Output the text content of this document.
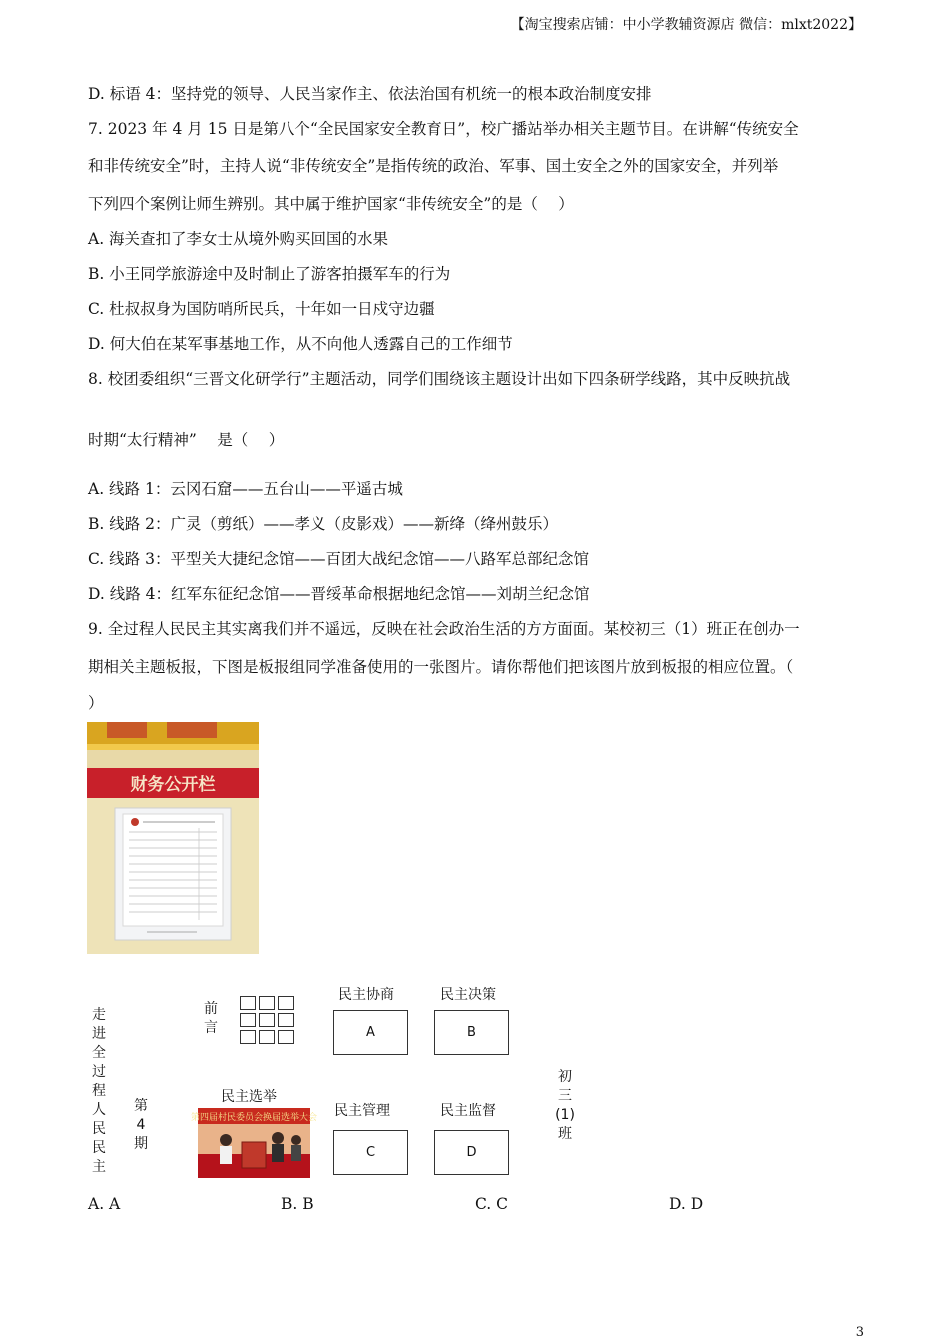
【淘宝搜索店铺：中小学教辅资源店 微信：mlxt2022】
D. 标语 4：坚持党的领导、人民当家作主、依法治国有机统一的根本政治制度安排
7. 2023 年 4 月 15 日是第八个“全民国家安全教育日”，校广播站举办相关主题节目。在讲解“传统安全
和非传统安全”时，主持人说“非传统安全”是指传统的政治、军事、国土安全之外的国家安全，并列举
下列四个案例让师生辨别。其中属于维护国家“非传统安全”的是（　 ）
A. 海关查扣了李女士从境外购买回国的水果
B. 小王同学旅游途中及时制止了游客拍摄军车的行为
C. 杜叔叔身为国防哨所民兵，十年如一日戍守边疆
D. 何大伯在某军事基地工作，从不向他人透露自己的工作细节
8. 校团委组织“三晋文化研学行”主题活动，同学们围绕该主题设计出如下四条研学线路，其中反映抗战
时期“太行精神”　 是（　 ）
A. 线路 1：云冈石窟——五台山——平遥古城
B. 线路 2：广灵（剪纸）——孝义（皮影戏）——新绛（绛州鼓乐）
C. 线路 3：平型关大捷纪念馆——百团大战纪念馆——八路军总部纪念馆
D. 线路 4：红军东征纪念馆——晋绥革命根据地纪念馆——刘胡兰纪念馆
9. 全过程人民民主其实离我们并不遥远，反映在社会政治生活的方方面面。某校初三（1）班正在创办一
期相关主题板报，下图是板报组同学准备使用的一张图片。请你帮他们把该图片放到板报的相应位置。（
）
财务公开栏
走进全过程人民民主
第4期
前言
民主协商
A
民主决策
B
民主选举
第四届村民委员会换届选举大会 民主管理
C
民主监督
D
初三(1)班
A. A	B. B	C. C	D. D
3
